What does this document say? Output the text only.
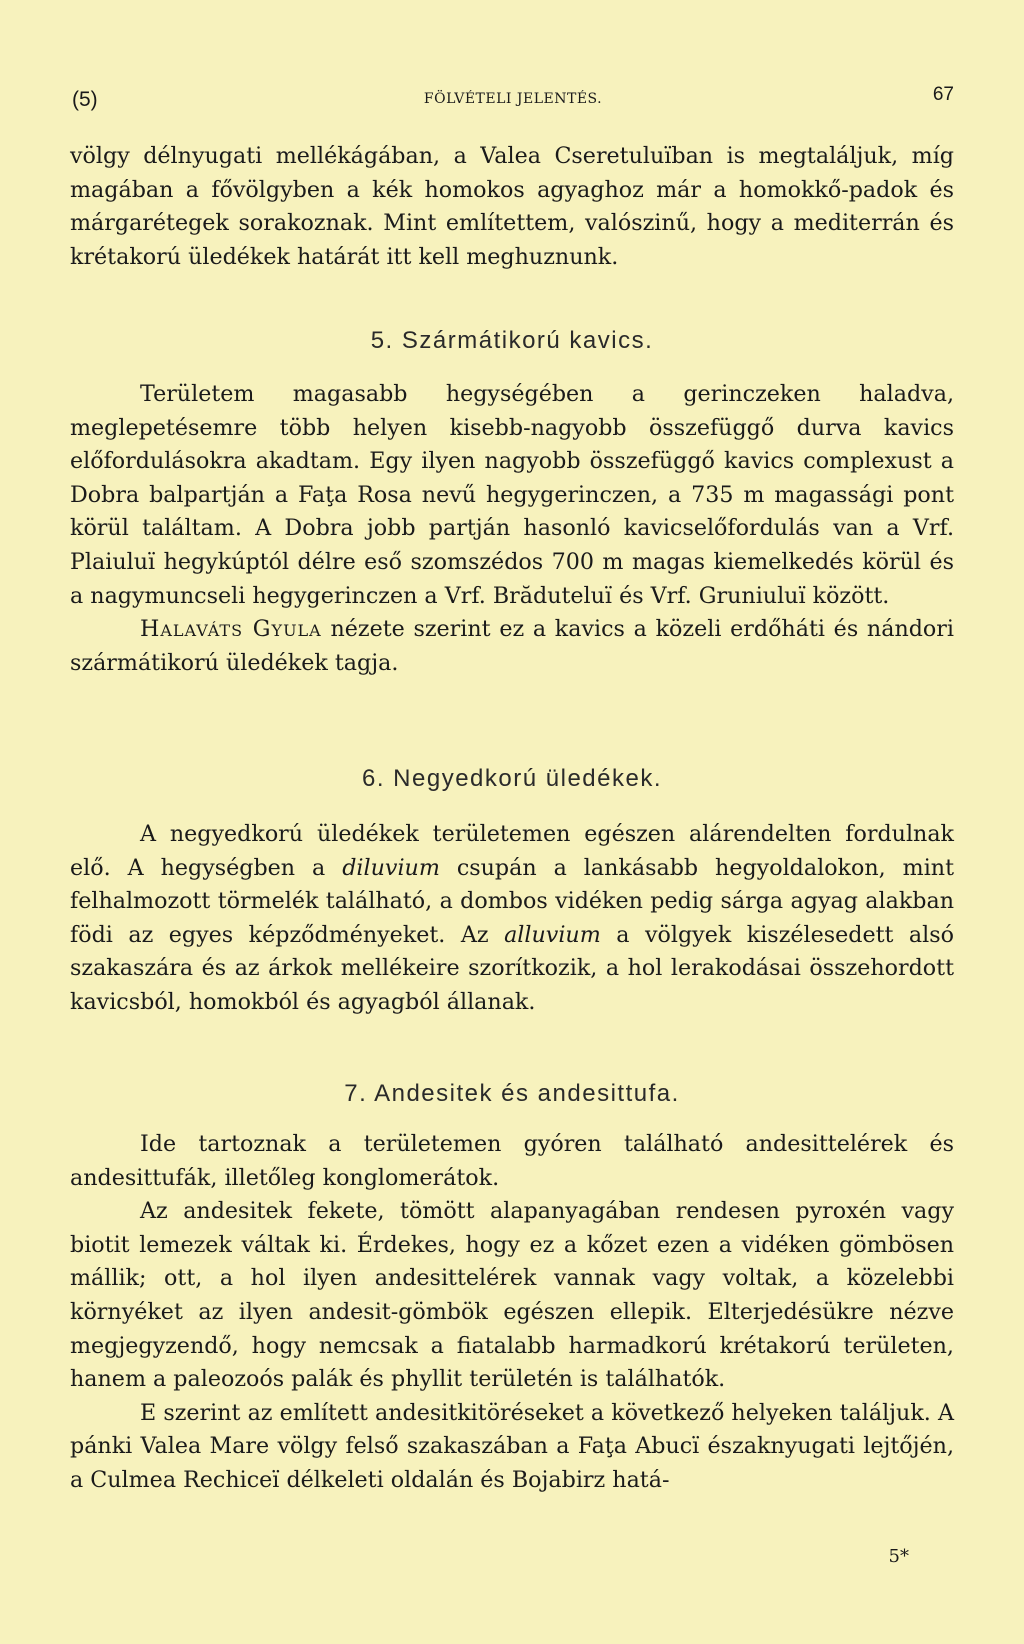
(5)	FÖLVÉTELI JELENTÉS.	67

völgy délnyugati mellékágában, a Valea Cseretuluïban is megtaláljuk, míg magában a fővölgyben a kék homokos agyaghoz már a homokkő-padok és márgarétegek sorakoznak. Mint említettem, valószinű, hogy a mediterrán és krétakorú üledékek határát itt kell meghuznunk.

5. Szármátikorú kavics.

Területem magasabb hegységében a gerinczeken haladva, meglepetésemre több helyen kisebb-nagyobb összefüggő durva kavics előfordulásokra akadtam. Egy ilyen nagyobb összefüggő kavics complexust a Dobra balpartján a Faţa Rosa nevű hegygerinczen, a 735 m magassági pont körül találtam. A Dobra jobb partján hasonló kavicselőfordulás van a Vrf. Plaiuluï hegykúptól délre eső szomszédos 700 m magas kiemelkedés körül és a nagymuncseli hegygerinczen a Vrf. Brăduteluï és Vrf. Gruniuluï között.

Halaváts Gyula nézete szerint ez a kavics a közeli erdőháti és nándori szármátikorú üledékek tagja.

6. Negyedkorú üledékek.

A negyedkorú üledékek területemen egészen alárendelten fordulnak elő. A hegységben a diluvium csupán a lankásabb hegyoldalokon, mint felhalmozott törmelék található, a dombos vidéken pedig sárga agyag alakban födi az egyes képződményeket. Az alluvium a völgyek kiszélesedett alsó szakaszára és az árkok mellékeire szorítkozik, a hol lerakodásai összehordott kavicsból, homokból és agyagból állanak.

7. Andesitek és andesittufa.

Ide tartoznak a területemen gyóren található andesittelérek és andesittufák, illetőleg konglomerátok.

Az andesitek fekete, tömött alapanyagában rendesen pyroxén vagy biotit lemezek váltak ki. Érdekes, hogy ez a kőzet ezen a vidéken gömbösen mállik; ott, a hol ilyen andesittelérek vannak vagy voltak, a közelebbi környéket az ilyen andesit-gömbök egészen ellepik. Elterjedésükre nézve megjegyzendő, hogy nemcsak a fiatalabb harmadkorú krétakorú területen, hanem a paleozoós palák és phyllit területén is találhatók.

E szerint az említett andesitkitöréseket a következő helyeken találjuk. A pánki Valea Mare völgy felső szakaszában a Faţa Abucï északnyugati lejtőjén, a Culmea Rechiceï délkeleti oldalán és Bojabirz hatá-

5*
